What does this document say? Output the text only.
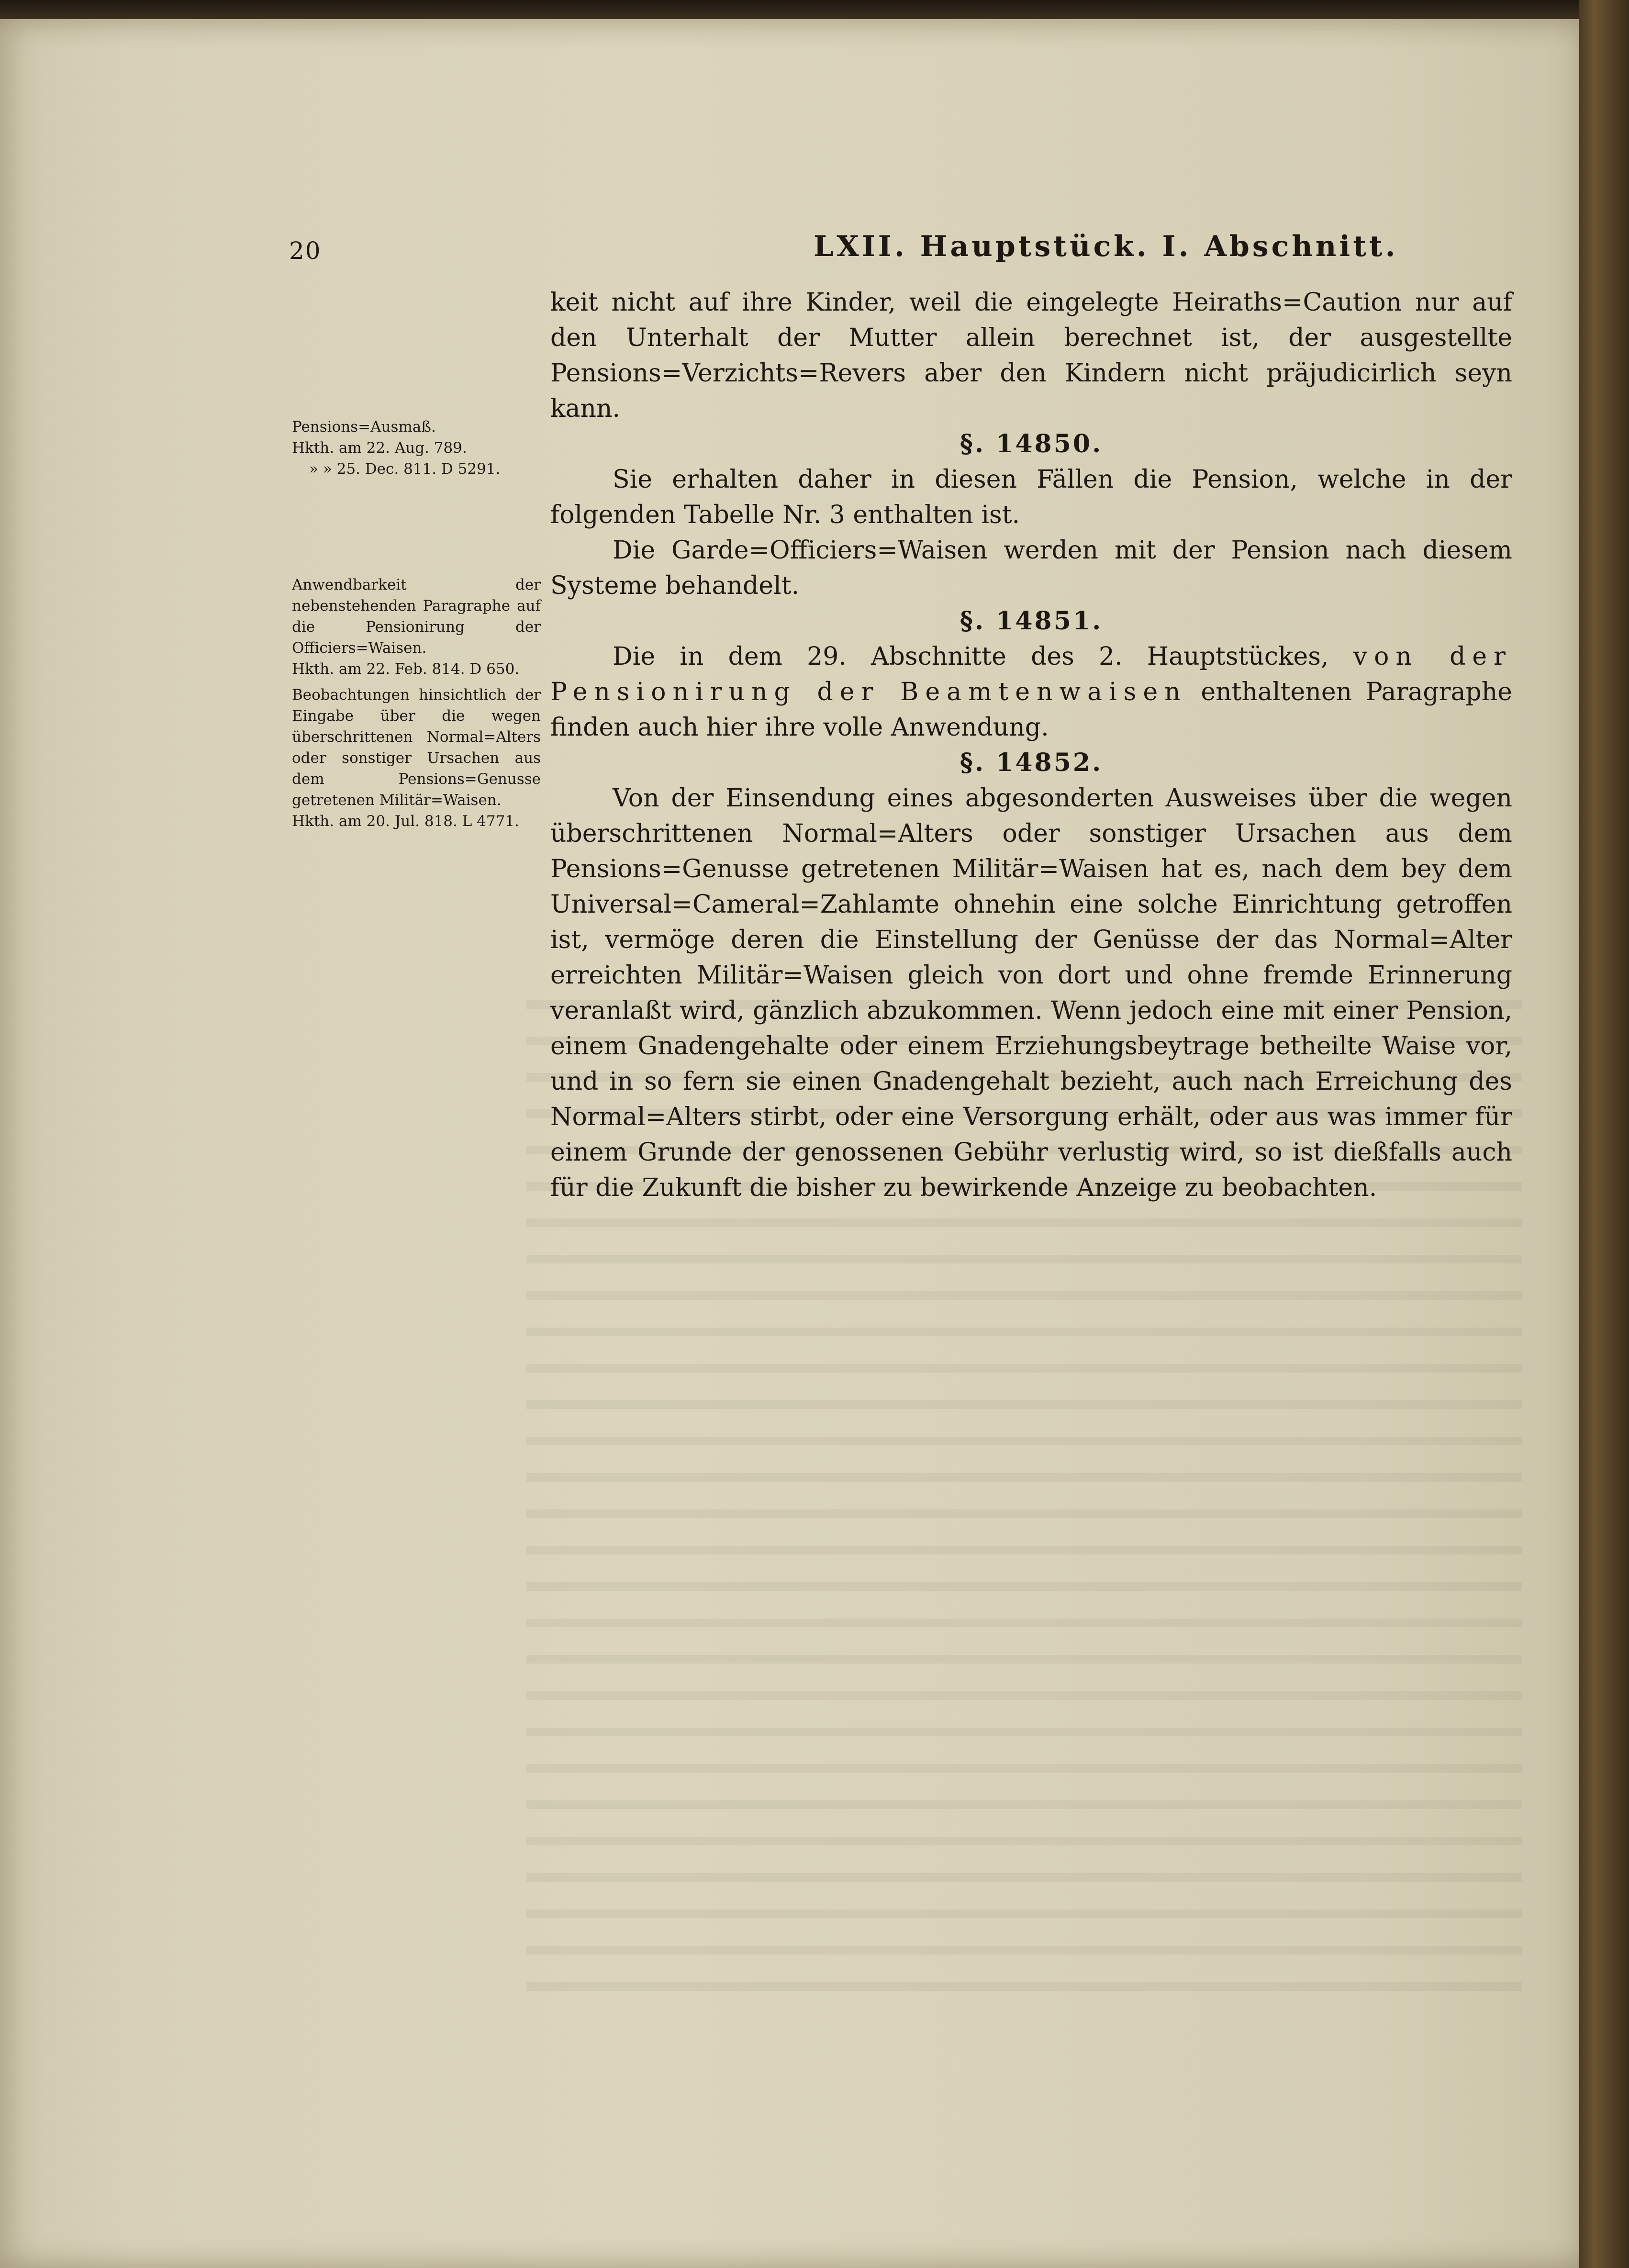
20	LXII. Hauptstück. I. Abschnitt.

keit nicht auf ihre Kinder, weil die eingelegte Heiraths=Caution nur auf den Unterhalt der Mutter allein berechnet ist, der ausgestellte Pensions=Verzichts=Revers aber den Kindern nicht präjudicirlich seyn kann.

§. 14850.

Sie erhalten daher in diesen Fällen die Pension, welche in der folgenden Tabelle Nr. 3 enthalten ist.

Die Garde=Officiers=Waisen werden mit der Pension nach diesem Systeme behandelt.

§. 14851.

Die in dem 29. Abschnitte des 2. Hauptstückes, von der Pensionirung der Beamtenwaisen enthaltenen Paragraphe finden auch hier ihre volle Anwendung.

§. 14852.

Von der Einsendung eines abgesonderten Ausweises über die wegen überschrittenen Normal=Alters oder sonstiger Ursachen aus dem Pensions=Genusse getretenen Militär=Waisen hat es, nach dem bey dem Universal=Cameral=Zahlamte ohnehin eine solche Einrichtung getroffen ist, vermöge deren die Einstellung der Genüsse der das Normal=Alter erreichten Militär=Waisen gleich von dort und ohne fremde Erinnerung veranlaßt wird, gänzlich abzukommen. Wenn jedoch eine mit einer Pension, einem Gnadengehalte oder einem Erziehungsbeytrage betheilte Waise vor, und in so fern sie einen Gnadengehalt bezieht, auch nach Erreichung des Normal=Alters stirbt, oder eine Versorgung erhält, oder aus was immer für einem Grunde der genossenen Gebühr verlustig wird, so ist dießfalls auch für die Zukunft die bisher zu bewirkende Anzeige zu beobachten.

Pensions=Ausmaß.

Hkth. am 22. Aug. 789.

» » 25. Dec. 811. D 5291.

Anwendbarkeit der nebenstehenden Paragraphe auf die Pensionirung der Officiers=Waisen.

Hkth. am 22. Feb. 814. D 650.

Beobachtungen hinsichtlich der Eingabe über die wegen überschrittenen Normal=Alters oder sonstiger Ursachen aus dem Pensions=Genusse getretenen Militär=Waisen.

Hkth. am 20. Jul. 818. L 4771.
